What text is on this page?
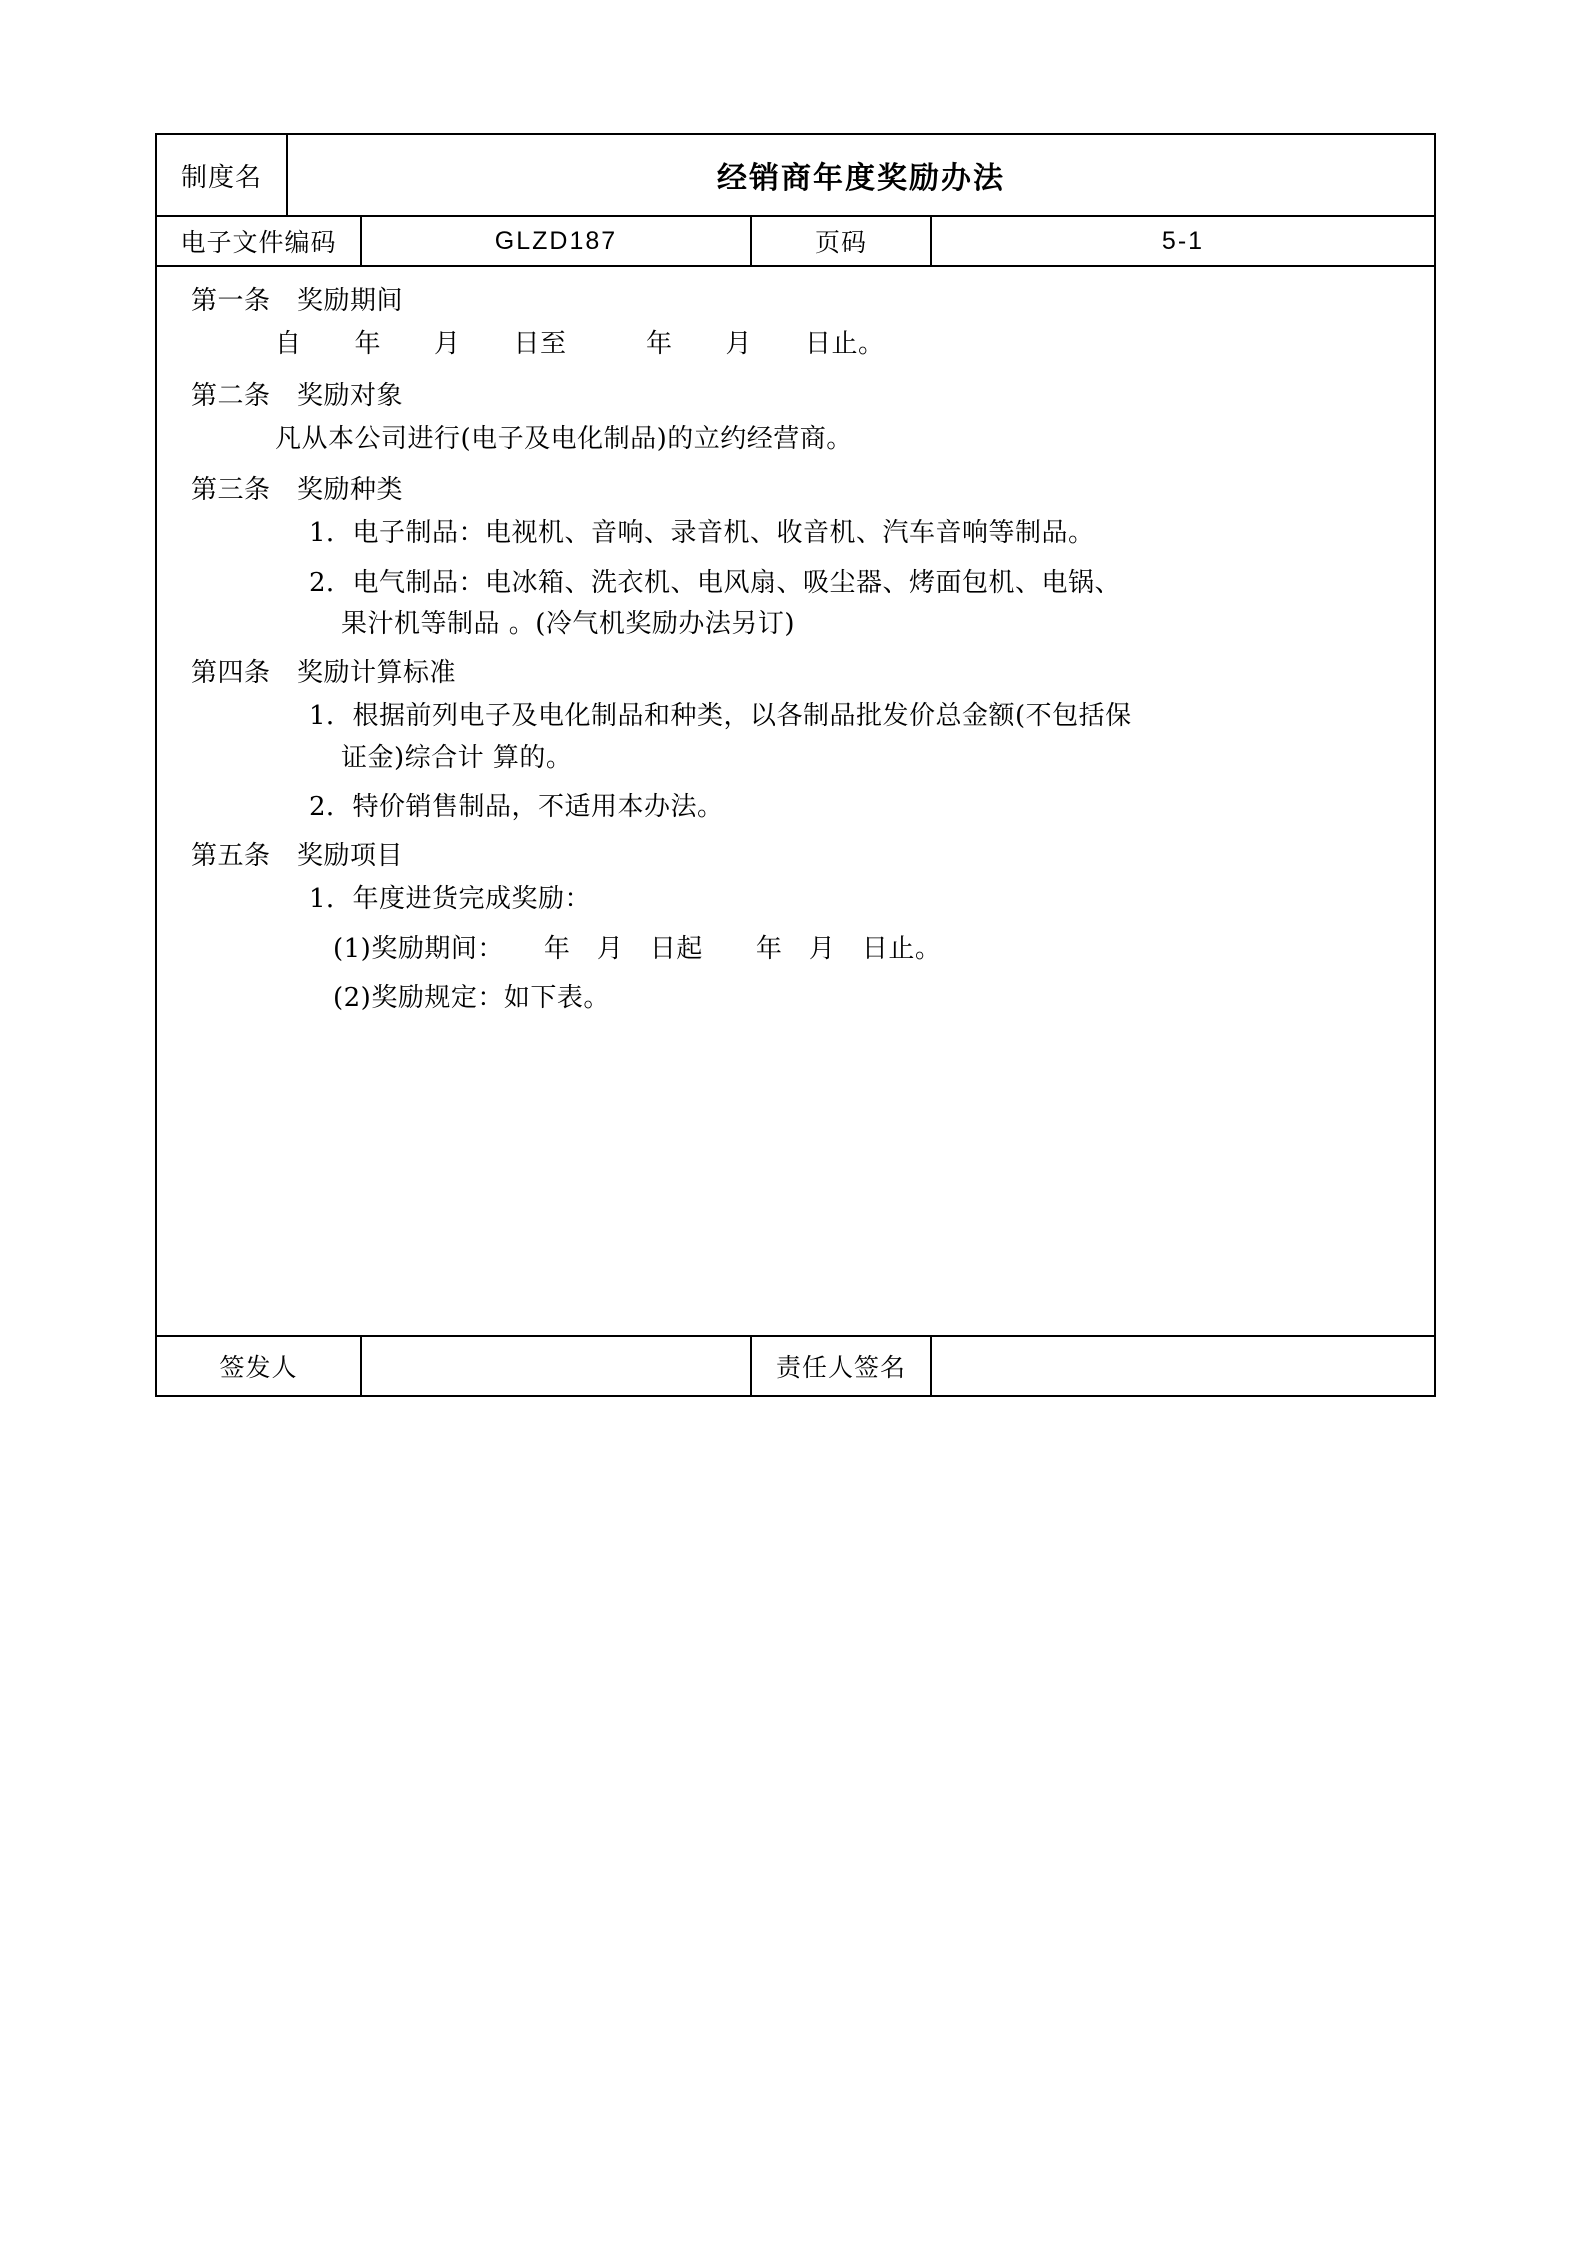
制度名	经销商年度奖励办法
电子文件编码	GLZD187	页码	5-1

第一条　奖励期间

自　　年　　月　　日至　　　年　　月　　日止。

第二条　奖励对象

凡从本公司进行(电子及电化制品)的立约经营商。

第三条　奖励种类

1．电子制品：电视机、音响、录音机、收音机、汽车音响等制品。

2．电气制品：电冰箱、洗衣机、电风扇、吸尘器、烤面包机、电锅、

果汁机等制品 。(冷气机奖励办法另订)

第四条　奖励计算标准

1．根据前列电子及电化制品和种类，以各制品批发价总金额(不包括保

证金)综合计 算的。

2．特价销售制品，不适用本办法。

第五条　奖励项目

1．年度进货完成奖励：

(1)奖励期间：　　年　月　日起　　年　月　日止。

(2)奖励规定：如下表。

签发人	责任人签名
